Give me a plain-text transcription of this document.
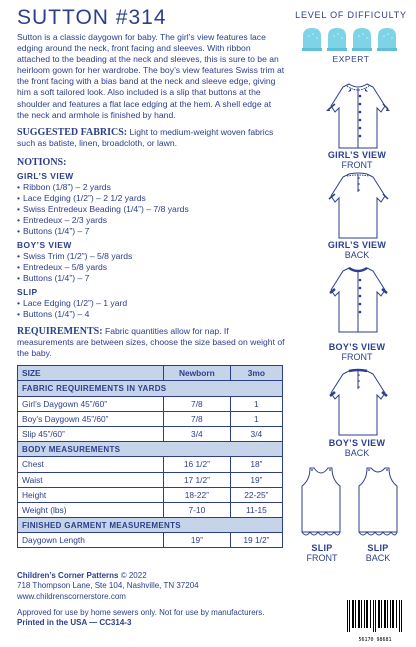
SUTTON #314

Sutton is a classic daygown for baby. The girl’s view features lace edging around the neck, front facing and sleeves. With ribbon attached to the beading at the neck and sleeves, this is sure to be an heirloom gown for her wardrobe. The boy’s view features Swiss trim at the front facing with a bias band at the neck and sleeve edge, giving him a soft tailored look. Also included is a slip that buttons at the shoulder and features a flat lace edging at the hem. A shell edge at the neck and armhole is finished by hand.

SUGGESTED FABRICS: Light to medium-weight woven fabrics such as batiste, linen, broadcloth, or lawn.

NOTIONS:
GIRL’S VIEW
• Ribbon (1/8”) – 2 yards
• Lace Edging (1/2”) – 2 1/2 yards
• Swiss Entredeux Beading (1/4”) – 7/8 yards
• Entredeux – 2/3 yards
• Buttons (1/4”) – 7
BOY’S VIEW
• Swiss Trim (1/2”) – 5/8 yards
• Entredeux – 5/8 yards
• Buttons (1/4”) – 7
SLIP
• Lace Edging (1/2”) – 1 yard
• Buttons (1/4”) – 4

REQUIREMENTS: Fabric quantities allow for nap. If measurements are between sizes, choose the size based on weight of the baby.

SIZE	Newborn	3mo
FABRIC REQUIREMENTS IN YARDS		
Girl’s Daygown 45”/60”	7/8	1
Boy’s Daygown 45”/60”	7/8	1
Slip 45”/60”	3/4	3/4
BODY MEASUREMENTS		
Chest	16 1/2”	18”
Waist	17 1/2”	19”
Height	18-22”	22-25”
Weight (lbs)	7-10	11-15
FINISHED GARMENT MEASUREMENTS		
Daygown Length	19”	19 1/2”
Children’s Corner Patterns © 2022
718 Thompson Lane, Ste 104, Nashville, TN 37204
www.childrenscornerstore.com
Approved for use by home sewers only. Not for use by manufacturers.
Printed in the USA — CC314-3
LEVEL OF DIFFICULTY
EXPERT
GIRL’S VIEW
FRONT
GIRL’S VIEW
BACK
BOY’S VIEW
FRONT
BOY’S VIEW
BACK
SLIP
FRONT
SLIP
BACK
56170 98681
